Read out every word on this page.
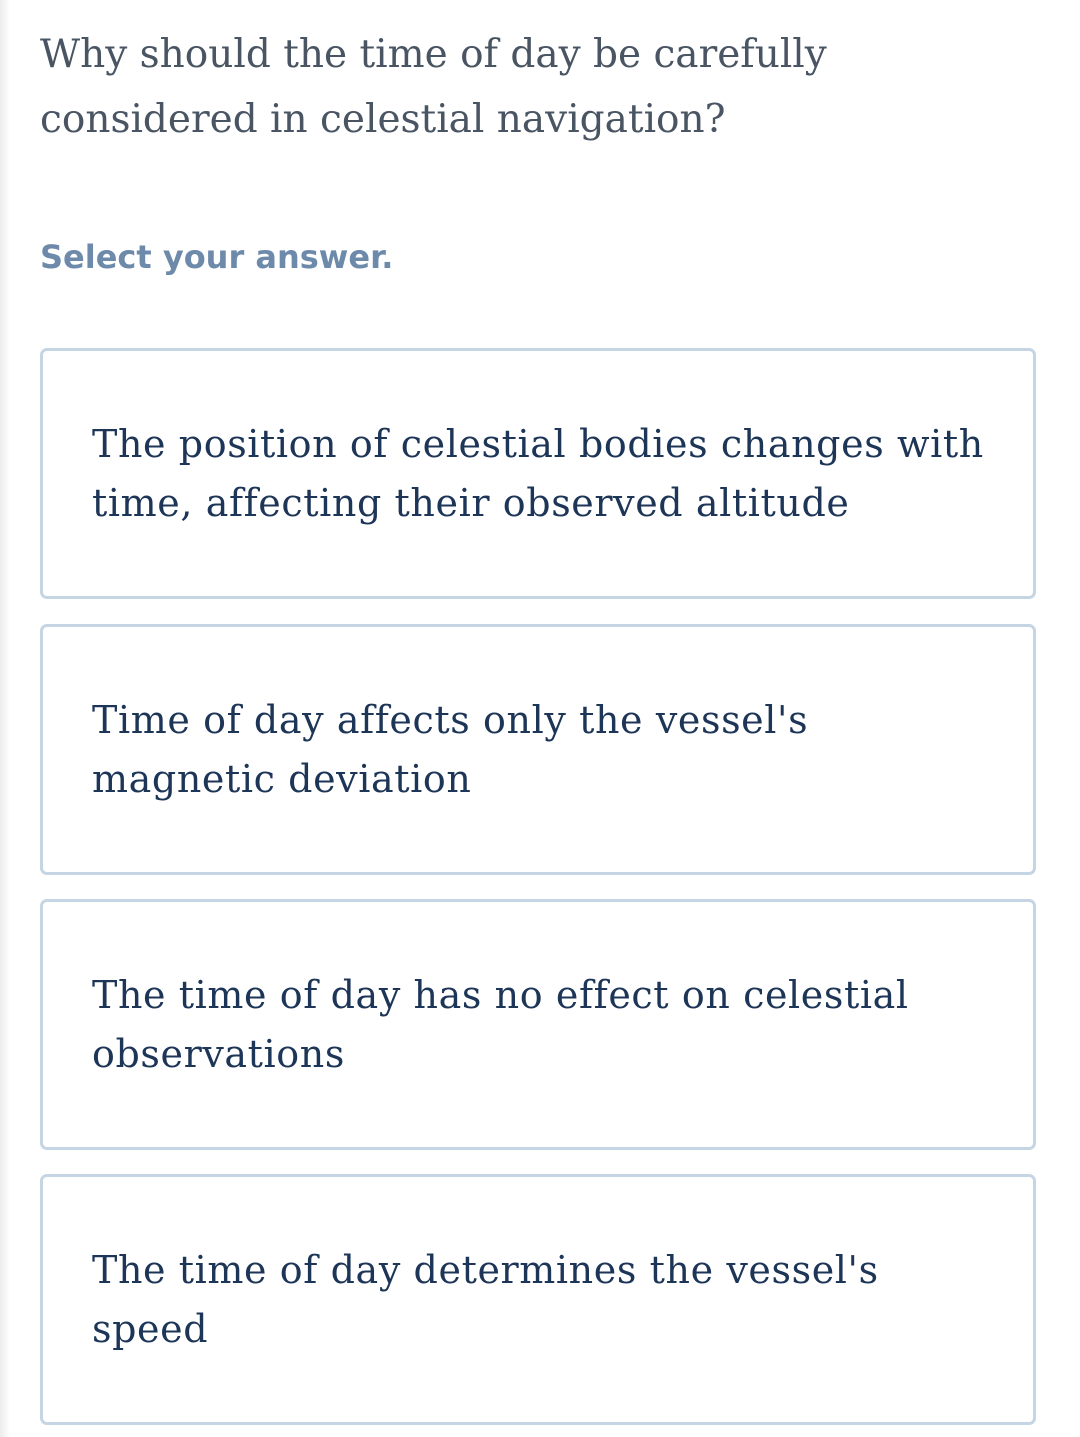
Why should the time of day be carefully considered in celestial navigation?
Select your answer.
The position of celestial bodies changes with time, affecting their observed altitude
Time of day affects only the vessel's magnetic deviation
The time of day has no effect on celestial observations
The time of day determines the vessel's speed
